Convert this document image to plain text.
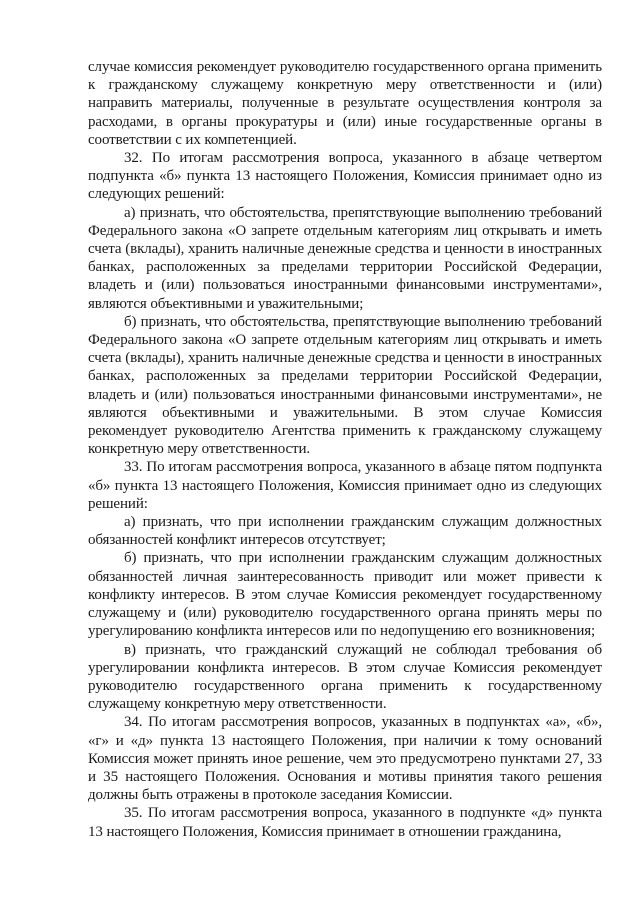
случае комиссия рекомендует руководителю государственного органа применить к гражданскому служащему конкретную меру ответственности и (или) направить материалы, полученные в результате осуществления контроля за расходами, в органы прокуратуры и (или) иные государственные органы в соответствии с их компетенцией.

32. По итогам рассмотрения вопроса, указанного в абзаце четвертом подпункта «б» пункта 13 настоящего Положения, Комиссия принимает одно из следующих решений:

а) признать, что обстоятельства, препятствующие выполнению требований Федерального закона «О запрете отдельным категориям лиц открывать и иметь счета (вклады), хранить наличные денежные средства и ценности в иностранных банках, расположенных за пределами территории Российской Федерации, владеть и (или) пользоваться иностранными финансовыми инструментами», являются объективными и уважительными;

б) признать, что обстоятельства, препятствующие выполнению требований Федерального закона «О запрете отдельным категориям лиц открывать и иметь счета (вклады), хранить наличные денежные средства и ценности в иностранных банках, расположенных за пределами территории Российской Федерации, владеть и (или) пользоваться иностранными финансовыми инструментами», не являются объективными и уважительными. В этом случае Комиссия рекомендует руководителю Агентства применить к гражданскому служащему конкретную меру ответственности.

33. По итогам рассмотрения вопроса, указанного в абзаце пятом подпункта «б» пункта 13 настоящего Положения, Комиссия принимает одно из следующих решений:

а) признать, что при исполнении гражданским служащим должностных обязанностей конфликт интересов отсутствует;

б) признать, что при исполнении гражданским служащим должностных обязанностей личная заинтересованность приводит или может привести к конфликту интересов. В этом случае Комиссия рекомендует государственному служащему и (или) руководителю государственного органа принять меры по урегулированию конфликта интересов или по недопущению его возникновения;

в) признать, что гражданский служащий не соблюдал требования об урегулировании конфликта интересов. В этом случае Комиссия рекомендует руководителю государственного органа применить к государственному служащему конкретную меру ответственности.

34. По итогам рассмотрения вопросов, указанных в подпунктах «а», «б», «г» и «д» пункта 13 настоящего Положения, при наличии к тому оснований Комиссия может принять иное решение, чем это предусмотрено пунктами 27, 33 и 35 настоящего Положения. Основания и мотивы принятия такого решения должны быть отражены в протоколе заседания Комиссии.

35. По итогам рассмотрения вопроса, указанного в подпункте «д» пункта 13 настоящего Положения, Комиссия принимает в отношении гражданина,
